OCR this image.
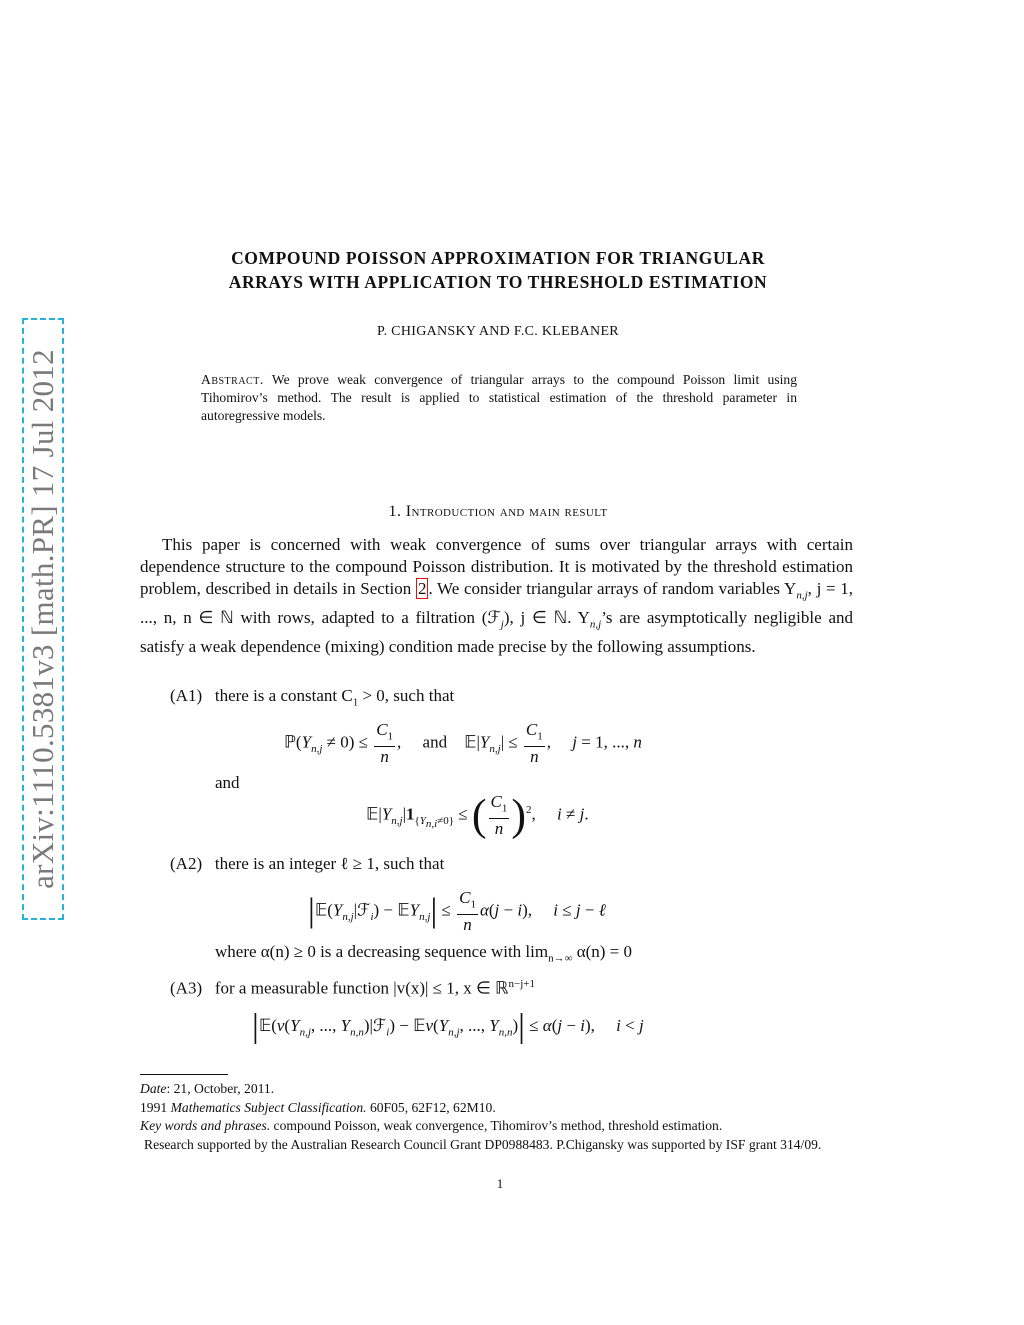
arXiv:1110.5381v3 [math.PR] 17 Jul 2012
COMPOUND POISSON APPROXIMATION FOR TRIANGULAR
ARRAYS WITH APPLICATION TO THRESHOLD ESTIMATION
P. CHIGANSKY AND F.C. KLEBANER
Abstract. We prove weak convergence of triangular arrays to the compound Poisson limit using Tihomirov’s method. The result is applied to statistical estimation of the threshold parameter in autoregressive models.
1. Introduction and main result

This paper is concerned with weak convergence of sums over triangular arrays with certain dependence structure to the compound Poisson distribution. It is motivated by the threshold estimation problem, described in details in Section 2 . We consider triangular arrays of random variables $Y_{n,j}$, j = 1, ..., n, n ∈ ℕ with rows, adapted to a filtration (ℱ$_j$), j ∈ ℕ. $Y_{n,j}’s$ are asymptotically negligible and satisfy a weak dependence (mixing) condition made precise by the following assumptions.

(A1) there is a constant $C_1 > 0$, such that
$ℙ(Y_{n,j} \ne 0) \le \frac{C_1}{n}$ ,     and    $𝔼|Y_{n,j}| \le \frac{C_1}{n}$ ,     j = 1, ..., n
and
$𝔼|Y_{n,j}|1_{\{Y_{n,i}\ne 0\}}$ ≤ ( $\frac{C_1}{n} )^2$,     i ≠ j.
(A2) there is an integer ℓ ≥ 1, such that
$|𝔼(Y_{n,j}|ℱ_i)$ − 𝔼Y$_{n,j}$| ≤ $\frac{C_1}{n} \alpha(j - i)$,     i ≤ j − ℓ
where α(n) ≥ 0 is a decreasing sequence with $\lim_{n\to\infty} \alpha(n) = 0$
(A3) for a measurable function |v(x)| ≤ 1, x ∈ ℝ$^{n-j+1}$
$|𝔼(v(Y_{n,j}$, ..., $Y_{n,n})|ℱ_i$) − $𝔼v(Y_{n,j}$, ..., $Y_{n,n})| \le \alpha(j - i)$,     i < j
Date: 21, October, 2011.
1991 Mathematics Subject Classification. 60F05, 62F12, 62M10.
Key words and phrases. compound Poisson, weak convergence, Tihomirov’s method, threshold estimation.
Research supported by the Australian Research Council Grant DP0988483. P.Chigansky was supported by ISF grant 314/09.
1
